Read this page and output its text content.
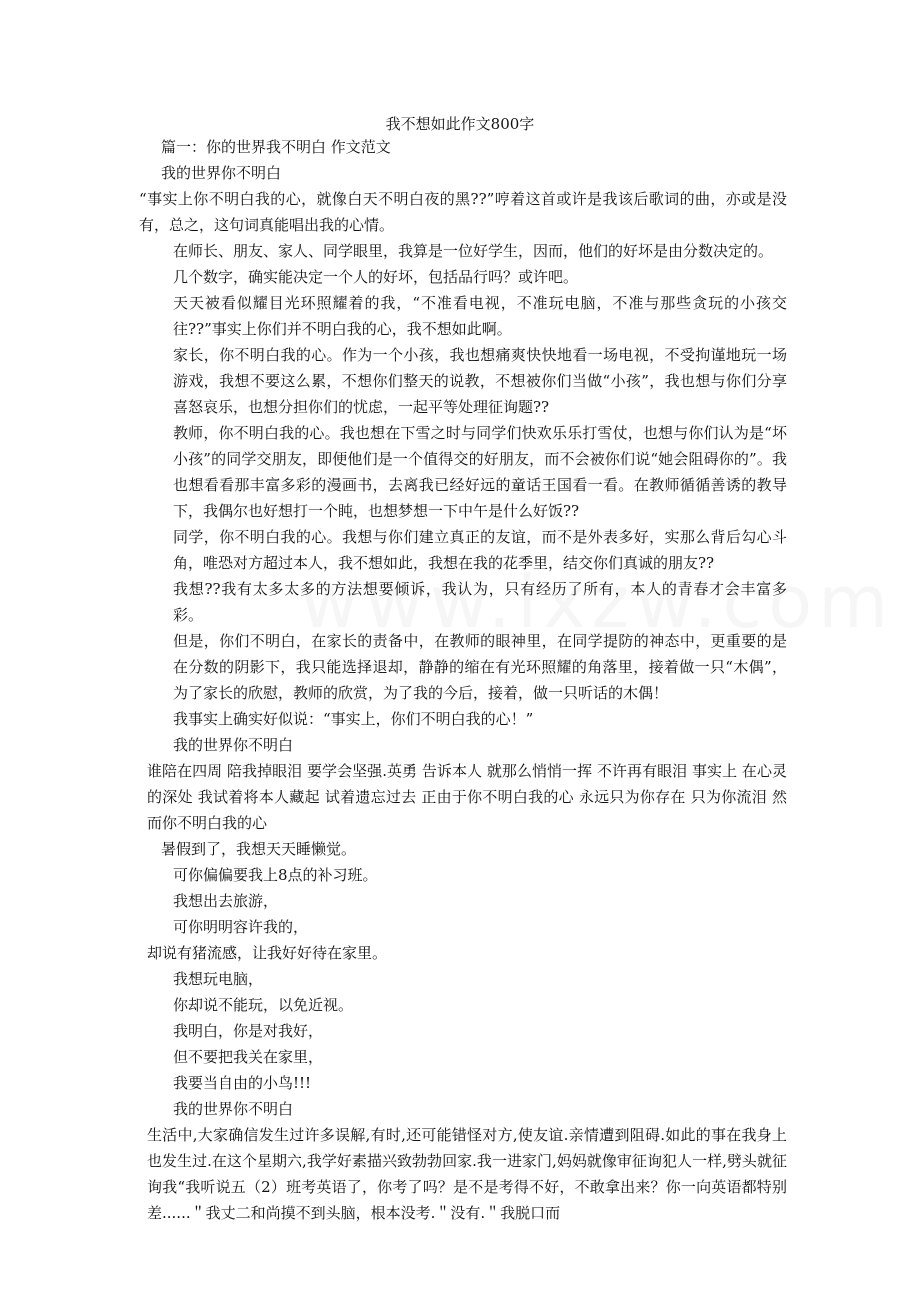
我不想如此作文800字

篇一：你的世界我不明白 作文范文

我的世界你不明白

“事实上你不明白我的心，就像白天不明白夜的黑??”哼着这首或许是我该后歌词的曲，亦或是没有，总之，这句词真能唱出我的心情。

在师长、朋友、家人、同学眼里，我算是一位好学生，因而，他们的好坏是由分数决定的。

几个数字，确实能决定一个人的好坏，包括品行吗？或许吧。

天天被看似耀目光环照耀着的我，“不准看电视，不准玩电脑，不准与那些贪玩的小孩交往??”事实上你们并不明白我的心，我不想如此啊。

家长，你不明白我的心。作为一个小孩，我也想痛爽快快地看一场电视，不受拘谨地玩一场游戏，我想不要这么累，不想你们整天的说教，不想被你们当做“小孩”，我也想与你们分享喜怒哀乐，也想分担你们的忧虑，一起平等处理征询题??

教师，你不明白我的心。我也想在下雪之时与同学们快欢乐乐打雪仗，也想与你们认为是“坏小孩”的同学交朋友，即便他们是一个值得交的好朋友，而不会被你们说“她会阻碍你的”。我也想看看那丰富多彩的漫画书，去离我已经好远的童话王国看一看。在教师循循善诱的教导下，我偶尔也好想打一个盹，也想梦想一下中午是什么好饭??

同学，你不明白我的心。我想与你们建立真正的友谊，而不是外表多好，实那么背后勾心斗角，唯恐对方超过本人，我不想如此，我想在我的花季里，结交你们真诚的朋友??

我想??我有太多太多的方法想要倾诉，我认为，只有经历了所有，本人的青春才会丰富多彩。

但是，你们不明白，在家长的责备中，在教师的眼神里，在同学提防的神态中，更重要的是在分数的阴影下，我只能选择退却，静静的缩在有光环照耀的角落里，接着做一只“木偶”，为了家长的欣慰，教师的欣赏，为了我的今后，接着，做一只听话的木偶！

我事实上确实好似说：“事实上，你们不明白我的心！”

我的世界你不明白

谁陪在四周 陪我掉眼泪 要学会坚强.英勇 告诉本人 就那么悄悄一挥 不许再有眼泪 事实上 在心灵的深处 我试着将本人藏起 试着遗忘过去 正由于你不明白我的心 永远只为你存在 只为你流泪 然而你不明白我的心

暑假到了，我想天天睡懒觉。

可你偏偏要我上8点的补习班。

我想出去旅游，

可你明明容许我的，

却说有猪流感，让我好好待在家里。

我想玩电脑，

你却说不能玩，以免近视。

我明白，你是对我好，

但不要把我关在家里，

我要当自由的小鸟!!!

我的世界你不明白

生活中,大家确信发生过许多误解,有时,还可能错怪对方,使友谊.亲情遭到阻碍.如此的事在我身上也发生过.在这个星期六,我学好素描兴致勃勃回家.我一进家门,妈妈就像审征询犯人一样,劈头就征询我“我听说五（2）班考英语了，你考了吗？是不是考得不好，不敢拿出来？你一向英语都特别差......＂我丈二和尚摸不到头脑，根本没考.＂没有.＂我脱口而
